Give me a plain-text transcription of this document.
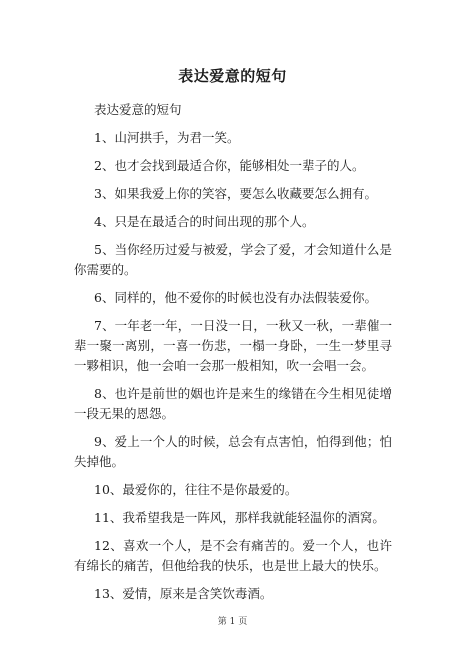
表达爱意的短句

表达爱意的短句

1、山河拱手，为君一笑。

2、也才会找到最适合你，能够相处一辈子的人。

3、如果我爱上你的笑容，要怎么收藏要怎么拥有。

4、只是在最适合的时间出现的那个人。

5、当你经历过爱与被爱，学会了爱，才会知道什么是你需要的。

6、同样的，他不爱你的时候也没有办法假装爱你。

7、一年老一年，一日没一日，一秋又一秋，一辈催一辈一聚一离别，一喜一伤悲，一榻一身卧，一生一梦里寻一夥相识，他一会咱一会那一般相知，吹一会唱一会。

8、也许是前世的姻也许是来生的缘错在今生相见徒增一段无果的恩怨。

9、爱上一个人的时候，总会有点害怕，怕得到他；怕失掉他。

10、最爱你的，往往不是你最爱的。

11、我希望我是一阵风，那样我就能轻温你的酒窝。

12、喜欢一个人，是不会有痛苦的。爱一个人，也许有绵长的痛苦，但他给我的快乐，也是世上最大的快乐。

13、爱情，原来是含笑饮毒酒。

第 1 页
